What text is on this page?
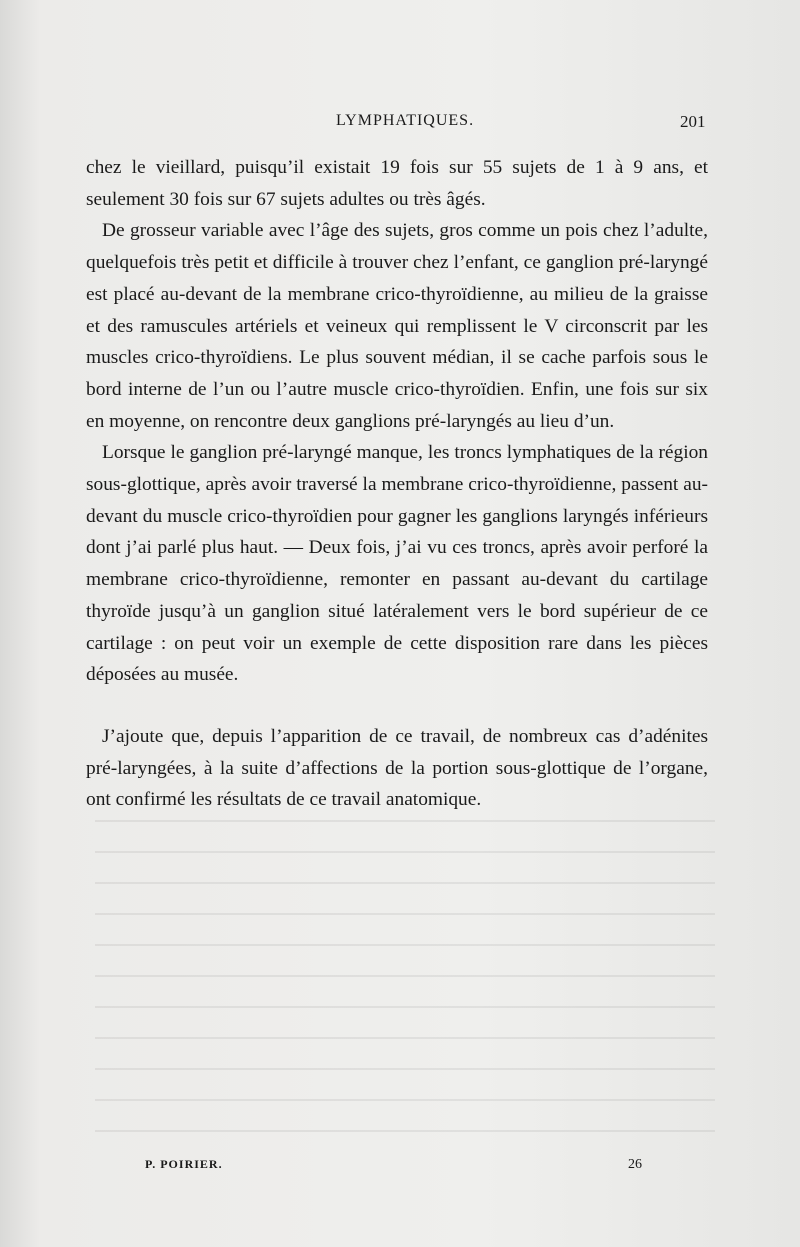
LYMPHATIQUES.	201

chez le vieillard, puisqu’il existait 19 fois sur 55 sujets de 1 à 9 ans, et seulement 30 fois sur 67 sujets adultes ou très âgés.

De grosseur variable avec l’âge des sujets, gros comme un pois chez l’adulte, quelquefois très petit et difficile à trouver chez l’enfant, ce ganglion pré-laryngé est placé au-devant de la membrane crico-thyroïdienne, au milieu de la graisse et des ramuscules artériels et veineux qui remplissent le V circonscrit par les muscles crico-thyroïdiens. Le plus souvent médian, il se cache parfois sous le bord interne de l’un ou l’autre muscle crico-thyroïdien. Enfin, une fois sur six en moyenne, on rencontre deux ganglions pré-laryngés au lieu d’un.

Lorsque le ganglion pré-laryngé manque, les troncs lymphatiques de la région sous-glottique, après avoir traversé la membrane crico-thyroïdienne, passent au-devant du muscle crico-thyroïdien pour gagner les ganglions laryngés inférieurs dont j’ai parlé plus haut. — Deux fois, j’ai vu ces troncs, après avoir perforé la membrane crico-thyroïdienne, remonter en passant au-devant du cartilage thyroïde jusqu’à un ganglion situé latéralement vers le bord supérieur de ce cartilage : on peut voir un exemple de cette disposition rare dans les pièces déposées au musée.

J’ajoute que, depuis l’apparition de ce travail, de nombreux cas d’adénites pré-laryngées, à la suite d’affections de la portion sous-glottique de l’organe, ont confirmé les résultats de ce travail anatomique.

P. POIRIER.	26
